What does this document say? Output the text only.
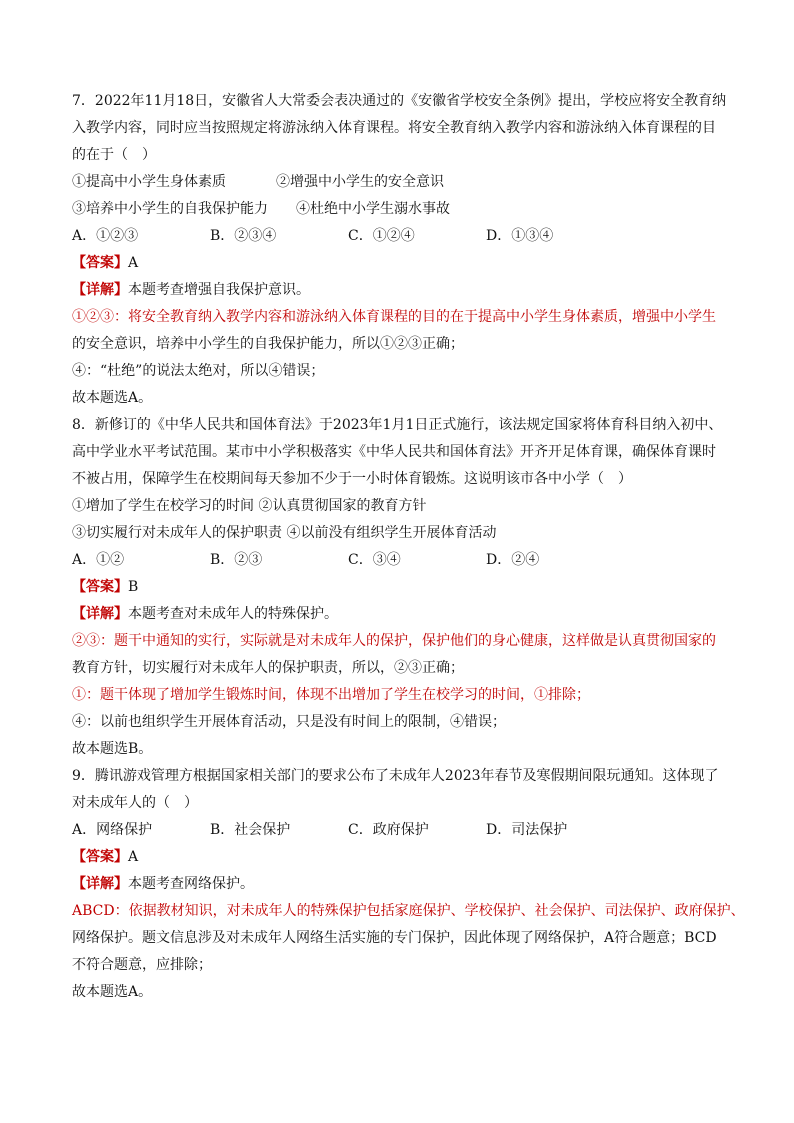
7．2022年11月18日，安徽省人大常委会表决通过的《安徽省学校安全条例》提出，学校应将安全教育纳
入教学内容，同时应当按照规定将游泳纳入体育课程。将安全教育纳入教学内容和游泳纳入体育课程的目
的在于（　）
①提高中小学生身体素质	②增强中小学生的安全意识
③培养中小学生的自我保护能力 ④杜绝中小学生溺水事故
A．①②③	B．②③④	C．①②④	D．①③④
【答案】A
【详解】本题考查增强自我保护意识。
①②③：将安全教育纳入教学内容和游泳纳入体育课程的目的在于提高中小学生身体素质，增强中小学生
的安全意识，培养中小学生的自我保护能力，所以①②③正确；
④：“杜绝”的说法太绝对，所以④错误；
故本题选A。
8．新修订的《中华人民共和国体育法》于2023年1月1日正式施行，该法规定国家将体育科目纳入初中、
高中学业水平考试范围。某市中小学积极落实《中华人民共和国体育法》开齐开足体育课，确保体育课时
不被占用，保障学生在校期间每天参加不少于一小时体育锻炼。这说明该市各中小学（　）
①增加了学生在校学习的时间 ②认真贯彻国家的教育方针
③切实履行对未成年人的保护职责 ④以前没有组织学生开展体育活动
A．①②	B．②③	C．③④	D．②④
【答案】B
【详解】本题考查对未成年人的特殊保护。
②③：题干中通知的实行，实际就是对未成年人的保护，保护他们的身心健康，这样做是认真贯彻国家的
教育方针，切实履行对未成年人的保护职责，所以，②③正确；
①：题干体现了增加学生锻炼时间，体现不出增加了学生在校学习的时间，①排除；
④：以前也组织学生开展体育活动，只是没有时间上的限制，④错误；
故本题选B。
9．腾讯游戏管理方根据国家相关部门的要求公布了未成年人2023年春节及寒假期间限玩通知。这体现了
对未成年人的（　）
A．网络保护	B．社会保护	C．政府保护	D．司法保护
【答案】A
【详解】本题考查网络保护。
ABCD：依据教材知识，对未成年人的特殊保护包括家庭保护、学校保护、社会保护、司法保护、政府保护、
网络保护。题文信息涉及对未成年人网络生活实施的专门保护，因此体现了网络保护，A符合题意；BCD
不符合题意，应排除；
故本题选A。
